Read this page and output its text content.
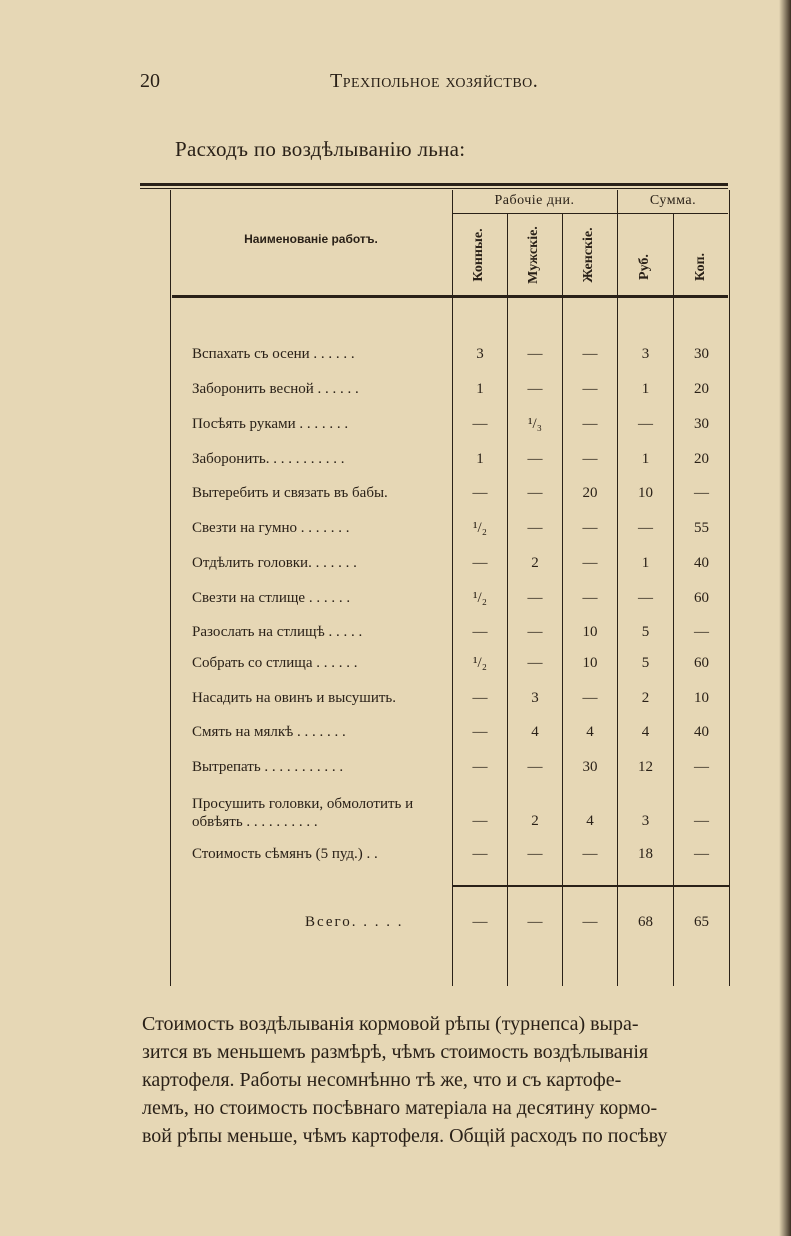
20	Трехпольное хозяйство.
Расходъ по воздѣлыванію льна:
Наименованіе работъ.
Рабочіе дни.	Сумма.
Конные.	Мужскіе.	Женскіе.	Руб.	Коп.
Вспахать съ осени . . . . . .	3	—	—	3	30
Заборонить весной . . . . . .	1	—	—	1	20
Посѣять руками . . . . . . .	—	¹/₃	—	—	30
Заборонить. . . . . . . . . . .	1	—	—	1	20
Вытеребить и связать въ бабы.	—	—	20	10	—
Свезти на гумно . . . . . . .	¹/₂	—	—	—	55
Отдѣлить головки. . . . . . .	—	2	—	1	40
Свезти на стлище . . . . . .	¹/₂	—	—	—	60
Разослать на стлищѣ . . . . .	—	—	10	5	—
Собрать со стлища . . . . . .	¹/₂	—	10	5	60
Насадить на овинъ и высушить.	—	3	—	2	10
Смять на мялкѣ . . . . . . .	—	4	4	4	40
Вытрепать . . . . . . . . . . .	—	—	30	12	—
Просушить головки, обмолотить и обвѣять . . . . . . . . . .	—	2	4	3	—
Стоимость сѣмянъ (5 пуд.) . .	—	—	—	18	—
Всего. . . . .	—	—	—	68	65
Стоимость воздѣлыванія кормовой рѣпы (турнепса) выра-
зится въ меньшемъ размѣрѣ, чѣмъ стоимость воздѣлыванія
картофеля. Работы несомнѣнно тѣ же, что и съ картофе-
лемъ, но стоимость посѣвнаго матеріала на десятину кормо-
вой рѣпы меньше, чѣмъ картофеля. Общій расходъ по посѣву
